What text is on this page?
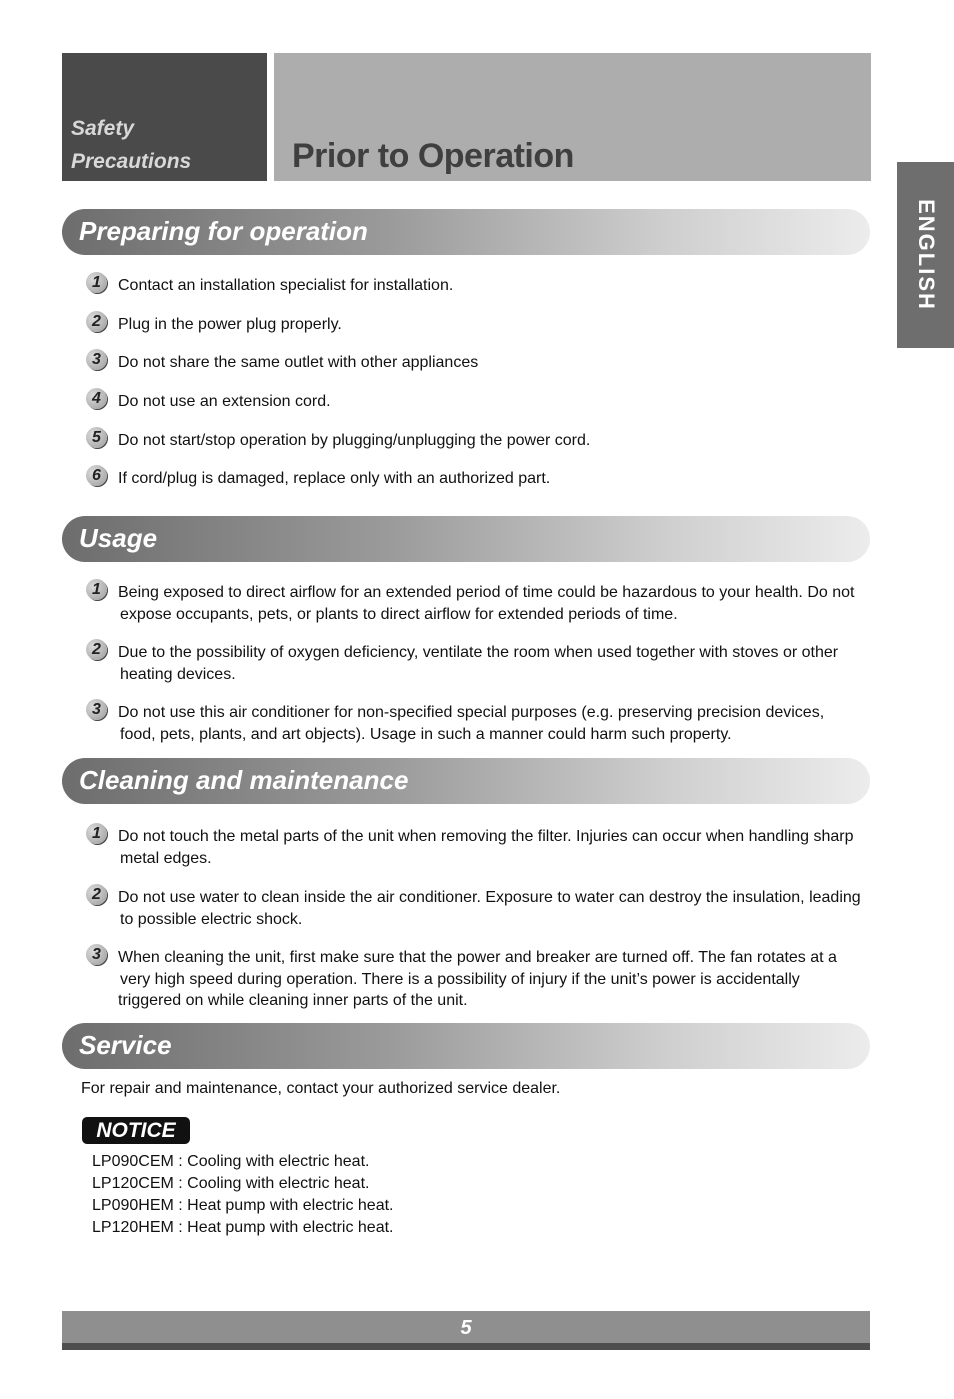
Safety
Precautions	Prior to Operation
ENGLISH
Preparing for operation
1	Contact an installation specialist for installation.
2	Plug in the power plug properly.
3	Do not share the same outlet with other appliances
4	Do not use an extension cord.
5	Do not start/stop operation by plugging/unplugging the power cord.
6	If cord/plug is damaged, replace only with an authorized part.
Usage
1	Being exposed to direct airflow for an extended period of time could be hazardous to your health. Do not
expose occupants, pets, or plants to direct airflow for extended periods of time.
2	Due to the possibility of oxygen deficiency, ventilate the room when used together with stoves or other
heating devices.
3	Do not use this air conditioner for non-specified special purposes (e.g. preserving precision devices,
food, pets, plants, and art objects). Usage in such a manner could harm such property.
Cleaning and maintenance
1	Do not touch the metal parts of the unit when removing the filter. Injuries can occur when handling sharp
metal edges.
2	Do not use water to clean inside the air conditioner. Exposure to water can destroy the insulation, leading
to possible electric shock.
3	When cleaning the unit, first make sure that the power and breaker are turned off. The fan rotates at a
very high speed during operation. There is a possibility of injury if the unit’s power is accidentally
triggered on while cleaning inner parts of the unit.
Service
For repair and maintenance, contact your authorized service dealer.
NOTICE
LP090CEM : Cooling with electric heat.
LP120CEM : Cooling with electric heat.
LP090HEM : Heat pump with electric heat.
LP120HEM : Heat pump with electric heat.
5
